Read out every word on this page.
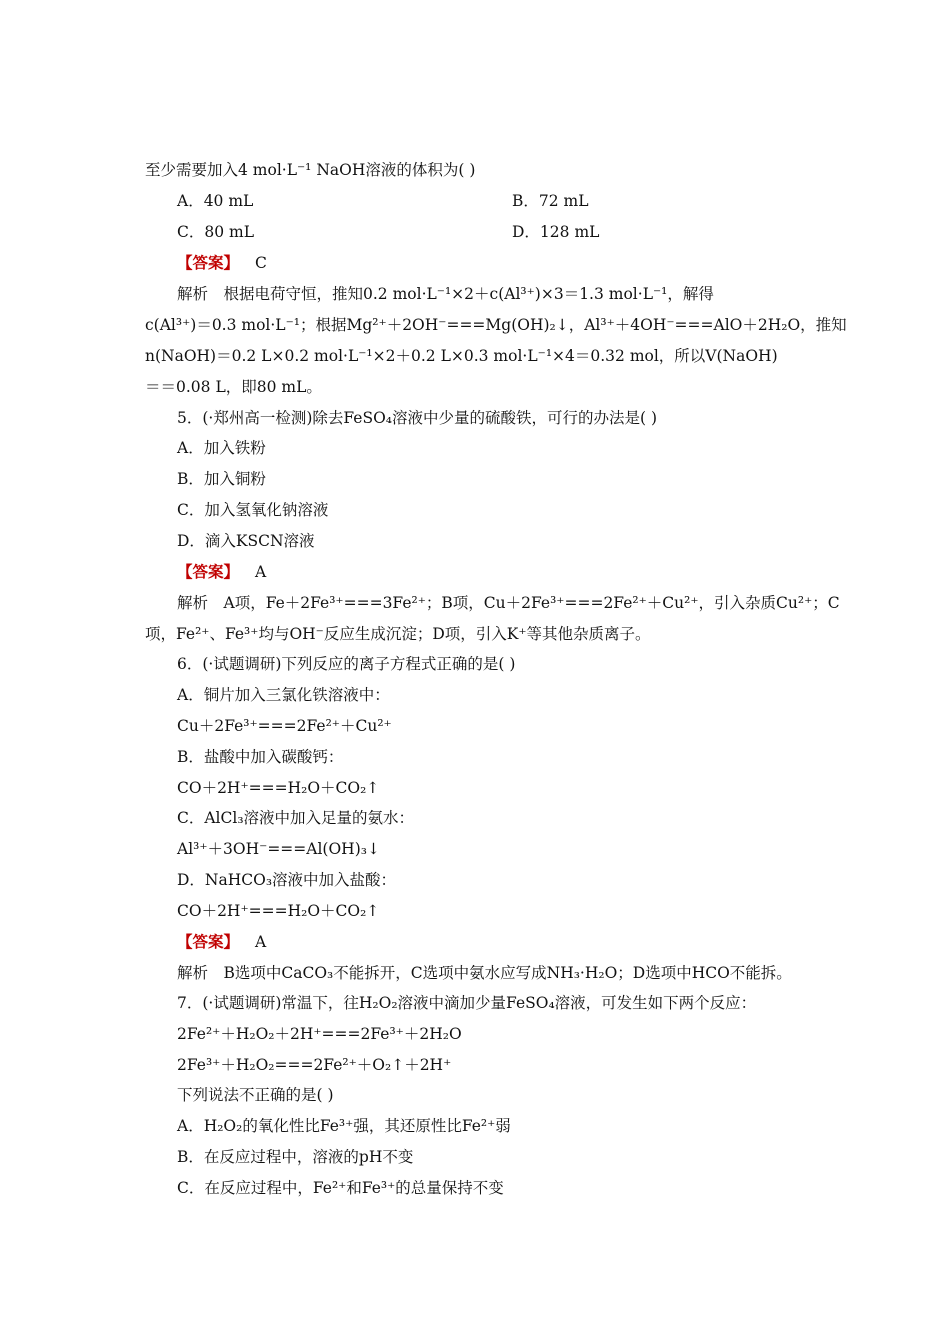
至少需要加入4 mol·L⁻¹ NaOH溶液的体积为( )
A．40 mL	B．72 mL
C．80 mL	D．128 mL
【答案】 C
解析　根据电荷守恒，推知0.2 mol·L⁻¹×2＋c(Al³⁺)×3＝1.3 mol·L⁻¹，解得
c(Al³⁺)＝0.3 mol·L⁻¹；根据Mg²⁺＋2OH⁻===Mg(OH)₂↓，Al³⁺＋4OH⁻===AlO＋2H₂O，推知
n(NaOH)＝0.2 L×0.2 mol·L⁻¹×2＋0.2 L×0.3 mol·L⁻¹×4＝0.32 mol，所以V(NaOH)
＝＝0.08 L，即80 mL。
5．(·郑州高一检测)除去FeSO₄溶液中少量的硫酸铁，可行的办法是( )
A．加入铁粉
B．加入铜粉
C．加入氢氧化钠溶液
D．滴入KSCN溶液
【答案】 A
解析　A项，Fe＋2Fe³⁺===3Fe²⁺；B项，Cu＋2Fe³⁺===2Fe²⁺＋Cu²⁺，引入杂质Cu²⁺；C
项，Fe²⁺、Fe³⁺均与OH⁻反应生成沉淀；D项，引入K⁺等其他杂质离子。
6．(·试题调研)下列反应的离子方程式正确的是( )
A．铜片加入三氯化铁溶液中：
Cu＋2Fe³⁺===2Fe²⁺＋Cu²⁺
B．盐酸中加入碳酸钙：
CO＋2H⁺===H₂O＋CO₂↑
C．AlCl₃溶液中加入足量的氨水：
Al³⁺＋3OH⁻===Al(OH)₃↓
D．NaHCO₃溶液中加入盐酸：
CO＋2H⁺===H₂O＋CO₂↑
【答案】 A
解析　B选项中CaCO₃不能拆开，C选项中氨水应写成NH₃·H₂O；D选项中HCO不能拆。
7．(·试题调研)常温下，往H₂O₂溶液中滴加少量FeSO₄溶液，可发生如下两个反应：
2Fe²⁺＋H₂O₂＋2H⁺===2Fe³⁺＋2H₂O
2Fe³⁺＋H₂O₂===2Fe²⁺＋O₂↑＋2H⁺
下列说法不正确的是( )
A．H₂O₂的氧化性比Fe³⁺强，其还原性比Fe²⁺弱
B．在反应过程中，溶液的pH不变
C．在反应过程中，Fe²⁺和Fe³⁺的总量保持不变
